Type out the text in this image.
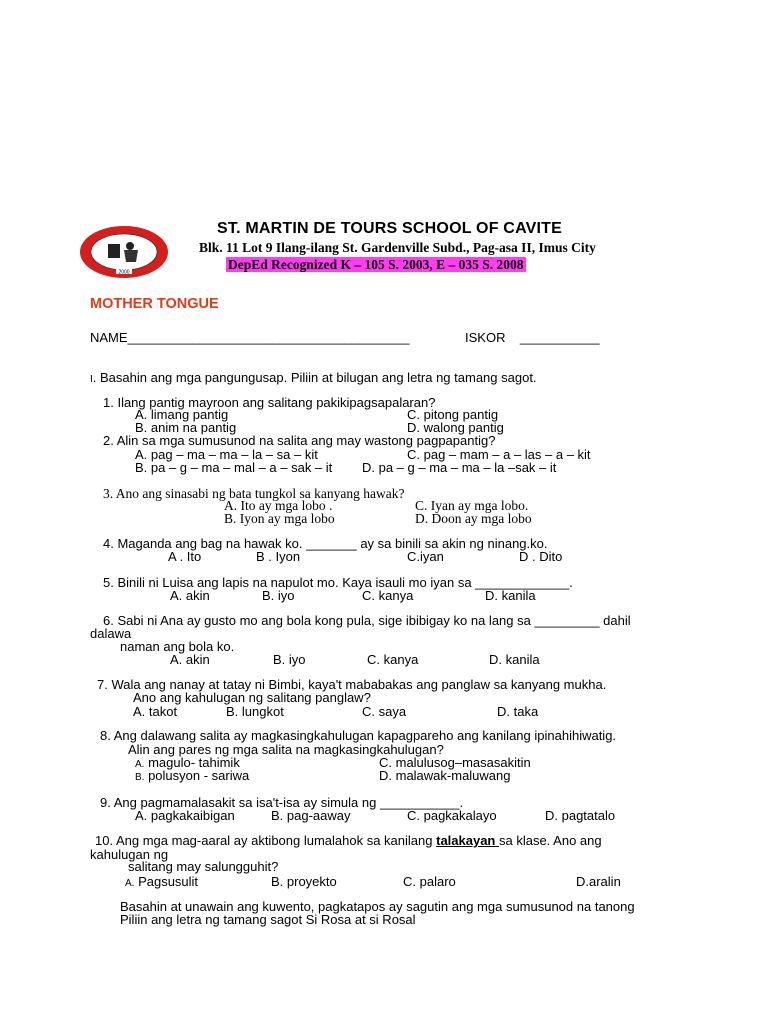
2000
ST. MARTIN DE TOURS SCHOOL OF CAVITE
Blk. 11 Lot 9 Ilang-ilang St. Gardenville Subd., Pag-asa II, Imus City
DepEd Recognized K – 105 S. 2003, E – 035 S. 2008
MOTHER TONGUE
NAME_______________________________________	ISKOR ___________
I. Basahin ang mga pangungusap. Piliin at bilugan ang letra ng tamang sagot.
1. Ilang pantig mayroon ang salitang pakikipagsapalaran?
A. limang pantig	C. pitong pantig
B. anim na pantig	D. walong pantig
2. Alin sa mga sumusunod na salita ang may wastong pagpapantig?
A. pag – ma – ma – la – sa – kit	C. pag – mam – a – las – a – kit
B. pa – g – ma – mal – a – sak – it D. pa – g – ma – ma – la –sak – it
3. Ano ang sinasabi ng bata tungkol sa kanyang hawak?
A. Ito ay mga lobo .	C. Iyan ay mga lobo.
B. Iyon ay mga lobo	D. Doon ay mga lobo
4. Maganda ang bag na hawak ko. _______ ay sa binili sa akin ng ninang.ko.
A . Ito	B . Iyon	C.iyan	D . Dito
5. Binili ni Luisa ang lapis na napulot mo. Kaya isauli mo iyan sa _____________.
A. akin	B. iyo	C. kanya	D. kanila
6. Sabi ni Ana ay gusto mo ang bola kong pula, sige ibibigay ko na lang sa _________ dahil
dalawa
naman ang bola ko.
A. akin	B. iyo	C. kanya	D. kanila
7. Wala ang nanay at tatay ni Bimbi, kaya't mababakas ang panglaw sa kanyang mukha.
Ano ang kahulugan ng salitang panglaw?
A. takot	B. lungkot	C. saya	D. taka
8. Ang dalawang salita ay magkasingkahulugan kapagpareho ang kanilang ipinahihiwatig.
Alin ang pares ng mga salita na magkasingkahulugan?
A. magulo- tahimik	C. malulusog–masasakitin
B. polusyon - sariwa	D. malawak-maluwang
9. Ang pagmamalasakit sa isa't-isa ay simula ng ___________.
A. pagkakaibigan	B. pag-aaway	C. pagkakalayo	D. pagtatalo
10. Ang mga mag-aaral ay aktibong lumalahok sa kanilang talakayan sa klase. Ano ang
kahulugan ng
salitang may salungguhit?
A. Pagsusulit	B. proyekto	C. palaro	D.aralin
Basahin at unawain ang kuwento, pagkatapos ay sagutin ang mga sumusunod na tanong
Piliin ang letra ng tamang sagot Si Rosa at si Rosal
